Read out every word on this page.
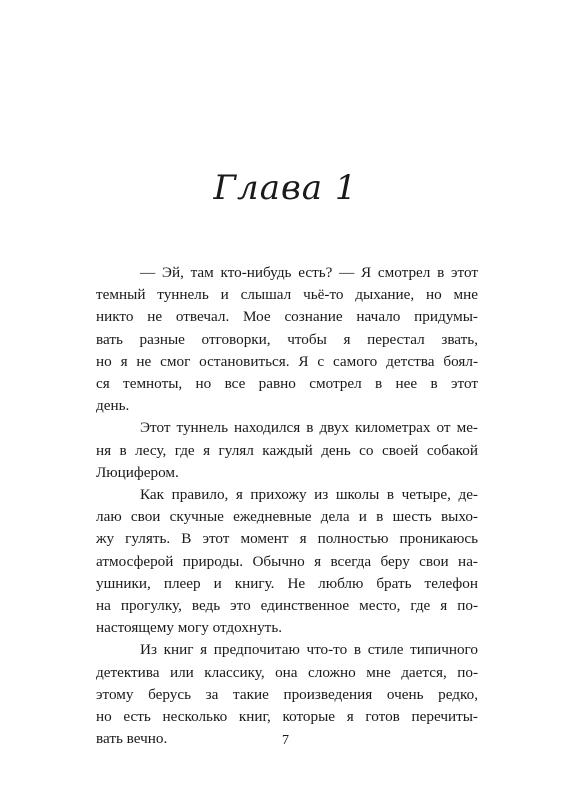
Глава 1
— Эй, там кто-нибудь есть? — Я смотрел в этот
темный туннель и слышал чьё-то дыхание, но мне
никто не отвечал. Мое сознание начало придумы-
вать разные отговорки, чтобы я перестал звать,
но я не смог остановиться. Я с самого детства боял-
ся темноты, но все равно смотрел в нее в этот
день.
Этот туннель находился в двух километрах от ме-
ня в лесу, где я гулял каждый день со своей собакой
Люцифером.
Как правило, я прихожу из школы в четыре, де-
лаю свои скучные ежедневные дела и в шесть выхо-
жу гулять. В этот момент я полностью проникаюсь
атмосферой природы. Обычно я всегда беру свои на-
ушники, плеер и книгу. Не люблю брать телефон
на прогулку, ведь это единственное место, где я по-
настоящему могу отдохнуть.
Из книг я предпочитаю что-то в стиле типичного
детектива или классику, она сложно мне дается, по-
этому берусь за такие произведения очень редко,
но есть несколько книг, которые я готов перечиты-
вать вечно.	7
